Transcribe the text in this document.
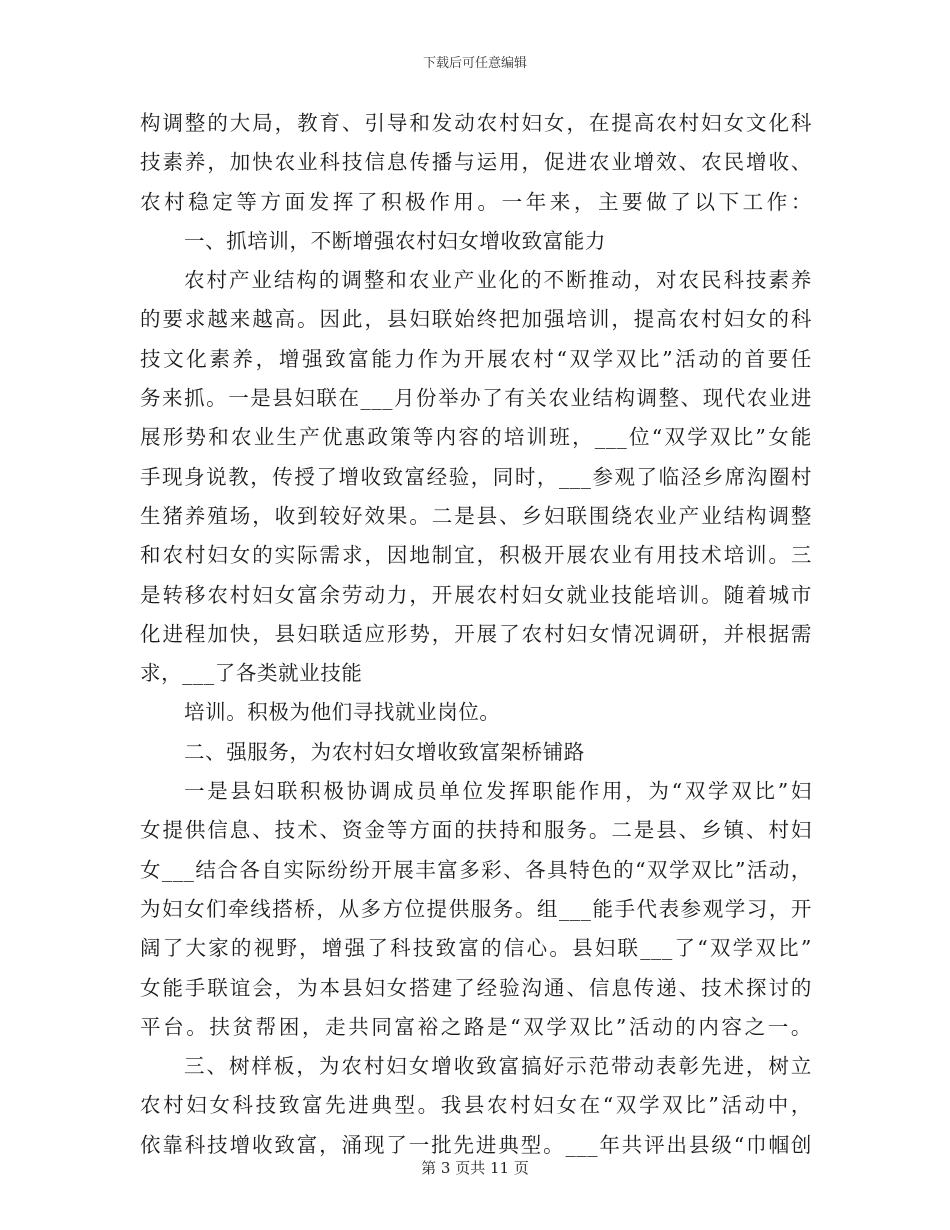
下载后可任意编辑
构调整的大局，教育、引导和发动农村妇女，在提高农村妇女文化科
技素养，加快农业科技信息传播与运用，促进农业增效、农民增收、
农村稳定等方面发挥了积极作用。一年来，主要做了以下工作：
一、抓培训，不断增强农村妇女增收致富能力
农村产业结构的调整和农业产业化的不断推动，对农民科技素养
的要求越来越高。因此，县妇联始终把加强培训，提高农村妇女的科
技文化素养，增强致富能力作为开展农村“双学双比”活动的首要任
务来抓。一是县妇联在___月份举办了有关农业结构调整、现代农业进
展形势和农业生产优惠政策等内容的培训班，___位“双学双比”女能
手现身说教，传授了增收致富经验，同时，___参观了临泾乡席沟圈村
生猪养殖场，收到较好效果。二是县、乡妇联围绕农业产业结构调整
和农村妇女的实际需求，因地制宜，积极开展农业有用技术培训。三
是转移农村妇女富余劳动力，开展农村妇女就业技能培训。随着城市
化进程加快，县妇联适应形势，开展了农村妇女情况调研，并根据需
求，___了各类就业技能
培训。积极为他们寻找就业岗位。
二、强服务，为农村妇女增收致富架桥铺路
一是县妇联积极协调成员单位发挥职能作用，为“双学双比”妇
女提供信息、技术、资金等方面的扶持和服务。二是县、乡镇、村妇
女___结合各自实际纷纷开展丰富多彩、各具特色的“双学双比”活动，
为妇女们牵线搭桥，从多方位提供服务。组___能手代表参观学习，开
阔了大家的视野，增强了科技致富的信心。县妇联___了“双学双比”
女能手联谊会，为本县妇女搭建了经验沟通、信息传递、技术探讨的
平台。扶贫帮困，走共同富裕之路是“双学双比”活动的内容之一。
三、树样板，为农村妇女增收致富搞好示范带动表彰先进，树立
农村妇女科技致富先进典型。我县农村妇女在“双学双比”活动中，
依靠科技增收致富，涌现了一批先进典型。___年共评出县级“巾帼创
第 3 页共 11 页
